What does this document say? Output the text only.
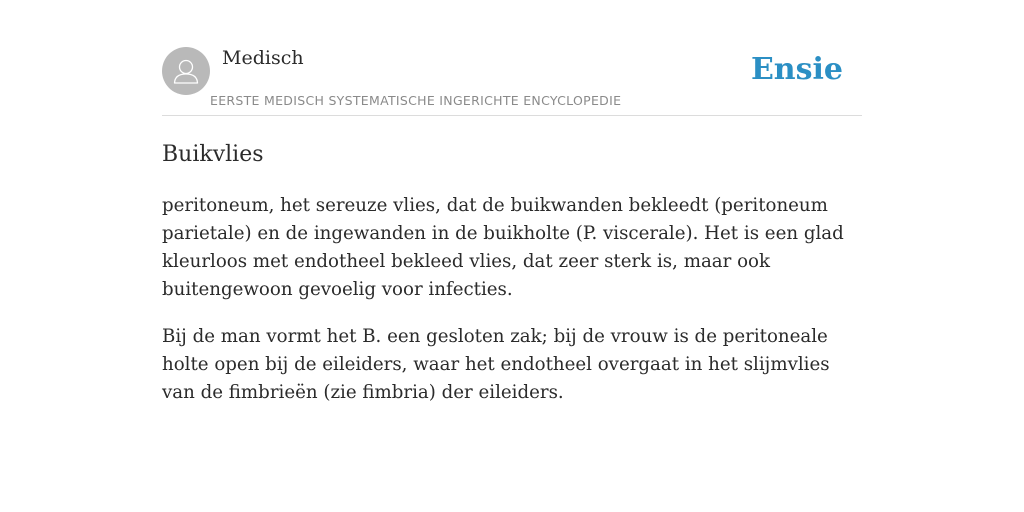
Medisch
EERSTE MEDISCH SYSTEMATISCHE INGERICHTE ENCYCLOPEDIE
Ensie
Buikvlies

peritoneum, het sereuze vlies, dat de buikwanden bekleedt (peritoneum parietale) en de ingewanden in de buikholte (P. viscerale). Het is een glad kleurloos met endotheel bekleed vlies, dat zeer sterk is, maar ook buitengewoon gevoelig voor infecties.

Bij de man vormt het B. een gesloten zak; bij de vrouw is de peritoneale holte open bij de eileiders, waar het endotheel overgaat in het slijmvlies van de fimbrieën (zie fimbria) der eileiders.
